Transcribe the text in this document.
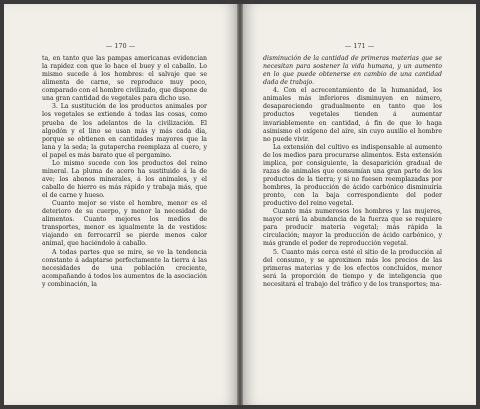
— 170 —

ta, en tanto que las pampas americanas evidencian la rapidez con que lo hace el buey y el caballo. Lo mismo sucede á los hombres: el salvaje que se alimenta de carne, se reproduce muy poco, comparado con el hombre civilizado, que dispone de una gran cantidad de vegetales para dicho uso.

3. La sustitución de los productos animales por los vegetales se extiende á todas las cosas, como prueba de los adelantos de la civilización. El algodón y el lino se usan más y más cada día, porque se obtienen en cantidades mayores que la lana y la seda; la gutapercha reemplaza al cuero, y el papel es más barato que el pergamino.

Lo mismo sucede con los productos del reino mineral. La pluma de acero ha sustituido á la de ave; los abonos minerales, á los animales, y el caballo de hierro es más rápido y trabaja más, que el de carne y hueso.

Cuanto mejor se viste el hombre, menor es el deterioro de su cuerpo, y menor la necesidad de alimentos. Cuanto mejores los medios de transportes, menor es igualmente la de vestidos: viajando en ferrocarril se pierde menos calor animal, que haciéndolo á caballo.

A todas partes que se mire, se ve la tendencia constante á adaptarse perfectamente la tierra á las necesidades de una población creciente, acompañando á todos los aumentos de la asociación y combinación, la

— 171 —

disminución de la cantidad de primeras materias que se necesitan para sostener la vida humana, y un aumento en lo que puede obtenerse en cambio de una cantidad dada de trabajo.

4. Con el acrecentamiento de la humanidad, los animales más inferiores disminuyen en número, desapareciendo gradualmente en tanto que los productos vegetales tienden á aumentar invariablemente en cantidad, á fin de que lo haga asimismo el oxígeno del aire, sin cuyo auxilio el hombre no puede vivir.

La extensión del cultivo es indispensable al aumento de los medios para procurarse alimentos. Esta extensión implica, por consiguiente, la desaparición gradual de razas de animales que consumían una gran parte de los productos de la tierra; y si no fuesen reemplazadas por hombres, la producción de ácido carbónico disminuiría pronto, con la baja correspondiente del poder productivo del reino vegetal.

Cuanto más numerosos los hombres y las mujeres, mayor será la abundancia de la fuerza que se requiere para producir materia vegetal; más rápida la circulación; mayor la producción de ácido carbónico, y más grande el poder de reproducción vegetal.

5. Cuanto más cerca esté el sitio de la producción al del consumo, y se aproximen más los precios de las primeras materias y de los efectos concluídos, menor será la proporción de tiempo y de inteligencia que necesitará el trabajo del tráfico y de los transportes; ma-
